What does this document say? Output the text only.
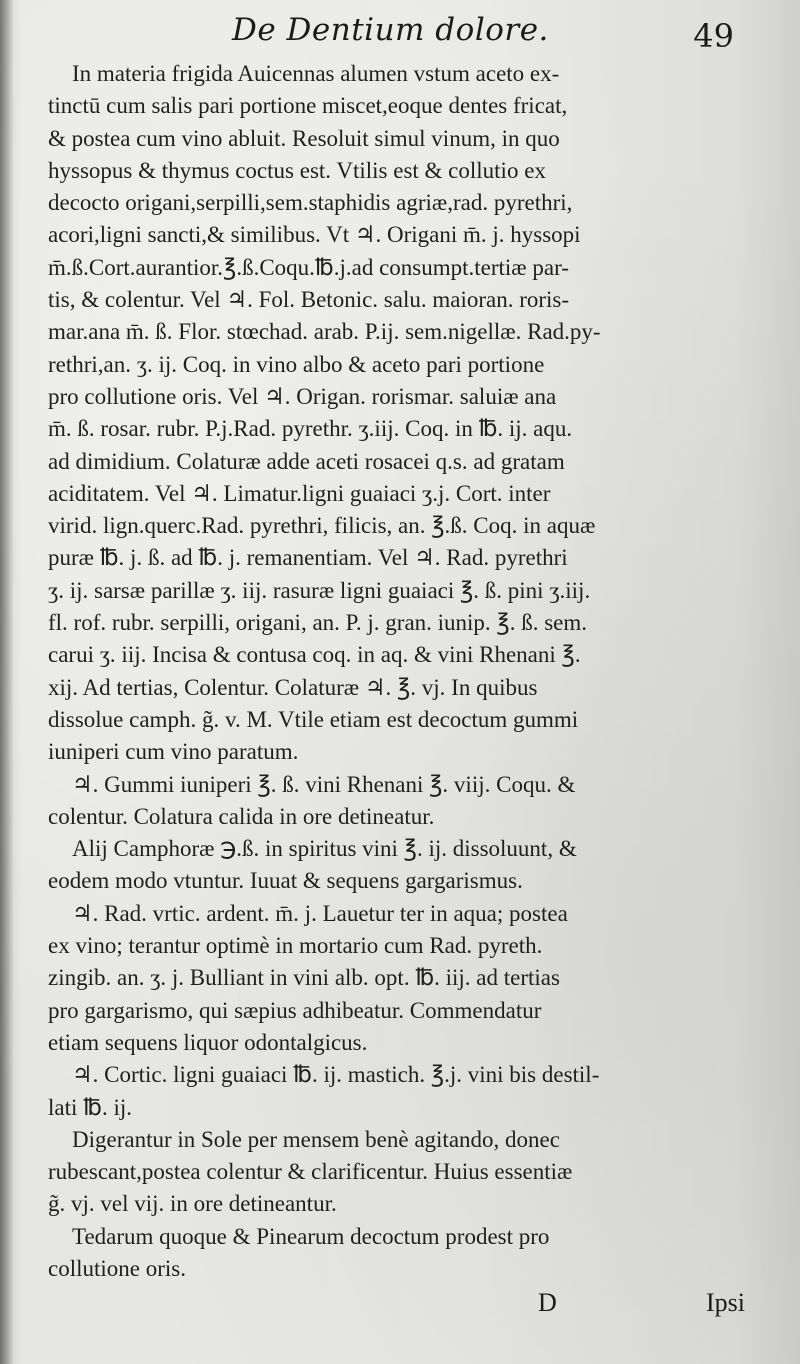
De Dentium dolore.	49
In materia frigida Auicennas alumen vstum aceto ex-
tinctū cum salis pari portione miscet,eoque dentes fricat,
& postea cum vino abluit. Resoluit simul vinum, in quo
hyssopus & thymus coctus est. Vtilis est & collutio ex
decocto origani,serpilli,sem.staphidis agriæ,rad. pyrethri,
acori,ligni sancti,& similibus. Vt ♃. Origani m̄. j. hyssopi
m̄.ß.Cort.aurantior.℥.ß.Coqu.℔.j.ad consumpt.tertiæ par-
tis, & colentur. Vel ♃. Fol. Betonic. salu. maioran. roris-
mar.ana m̄. ß. Flor. stœchad. arab. P.ij. sem.nigellæ. Rad.py-
rethri,an. ʒ. ij. Coq. in vino albo & aceto pari portione
pro collutione oris. Vel ♃. Origan. rorismar. saluiæ ana
m̄. ß. rosar. rubr. P.j.Rad. pyrethr. ʒ.iij. Coq. in ℔. ij. aqu.
ad dimidium. Colaturæ adde aceti rosacei q.s. ad gratam
aciditatem. Vel ♃. Limatur.ligni guaiaci ʒ.j. Cort. inter
virid. lign.querc.Rad. pyrethri, filicis, an. ℥.ß. Coq. in aquæ
puræ ℔. j. ß. ad ℔. j. remanentiam. Vel ♃. Rad. pyrethri
ʒ. ij. sarsæ parillæ ʒ. iij. rasuræ ligni guaiaci ℥. ß. pini ʒ.iij.
fl. rof. rubr. serpilli, origani, an. P. j. gran. iunip. ℥. ß. sem.
carui ʒ. iij. Incisa & contusa coq. in aq. & vini Rhenani ℥.
xij. Ad tertias, Colentur. Colaturæ ♃. ℥. vj. In quibus
dissolue camph. g̃. v. M. Vtile etiam est decoctum gummi
iuniperi cum vino paratum.
♃. Gummi iuniperi ℥. ß. vini Rhenani ℥. viij. Coqu. &
colentur. Colatura calida in ore detineatur.
Alij Camphoræ ℈.ß. in spiritus vini ℥. ij. dissoluunt, &
eodem modo vtuntur. Iuuat & sequens gargarismus.
♃. Rad. vrtic. ardent. m̄. j. Lauetur ter in aqua; postea
ex vino; terantur optimè in mortario cum Rad. pyreth.
zingib. an. ʒ. j. Bulliant in vini alb. opt. ℔. iij. ad tertias
pro gargarismo, qui sæpius adhibeatur. Commendatur
etiam sequens liquor odontalgicus.
♃. Cortic. ligni guaiaci ℔. ij. mastich. ℥.j. vini bis destil-
lati ℔. ij.
Digerantur in Sole per mensem benè agitando, donec
rubescant,postea colentur & clarificentur. Huius essentiæ
g̃. vj. vel vij. in ore detineantur.
Tedarum quoque & Pinearum decoctum prodest pro
collutione oris.
D	Ipsi
